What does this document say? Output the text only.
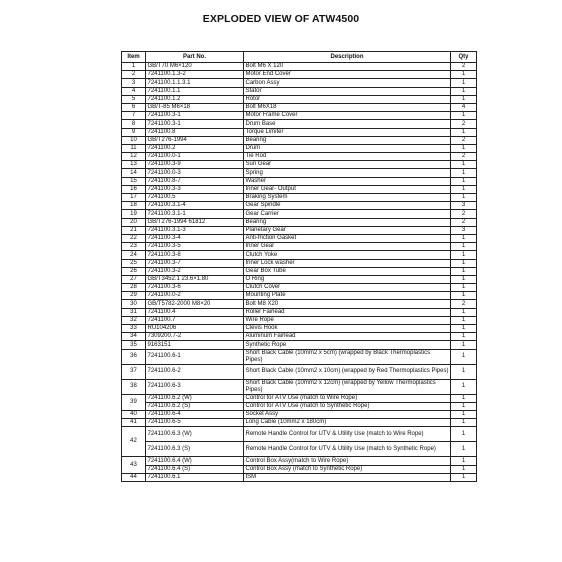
EXPLODED VIEW OF ATW4500
Item	Part No.	Description	Qty
1	GB/T70 M6×120	Bolt M6 X 120	2
2	7241100.1.3-2	Motor End Cover	1
3	7241100.1.1.3.1	Carbon Assy	1
4	7241100.1.1	Stator	1
5	7241100.1.2	Rotor	1
6	GB/T-85 M6×18	Bolt M6X18	4
7	7241100.3-1	Motor Frame Cover	1
8	7241100.3-1	Drum Base	2
9	7241100.8	Torque Limiter	1
10	GB/T276-1994	Bearing	2
11	7241100.2	Drum	1
12	7241100.0-1	Tie Rod	2
13	7241100.3-9	Sun Gear	1
14	7241100.0-3	Spring	1
15	7241100.8-7	Washer	1
16	7241100.3-3	Inner Gear- Output	1
17	7241100.5	Braking System	1
18	7241100.3.1-4	Gear Spindle	3
19	7241100.3.1-1	Gear Carrier	2
20	GB/T276-1994 61812	Bearing	2
21	7241100.3.1-3	Planetary Gear	3
22	7241100.3-4	Anti-friction Gasket	1
23	7241100.3-5	Inner Gear	1
24	7241100.3-8	Clutch Yoke	1
25	7241100.3-7	Inner Lock washer	1
26	7241100.3-2	Gear Box Tube	1
27	GB/T3452.1 23.6×1.80	O Ring	1
28	7241100.3-6	Clutch Cover	1
29	7241100.0-2	Mounting Plate	1
30	GB/T5782-2000 M8×20	Bolt M8 X20	2
31	7241100.4	Roller Fairlead	1
32	7241100.7	Wire Rope	1
33	RU104206	Clevis Hook	1
34	7309200.7-2	Aluminum Fairlead	1
35	9163151	Synthetic Rope	1
36	7241100.6-1	Short Black Cable (10mm2 x 5cm) (wrapped by Black Thermoplastics Pipes)	1
37	7241100.6-2	Short Black Cable (10mm2 x 10cm) (wrapped by Red Thermoplastics Pipes)	1
38	7241100.6-3	Short Black Cable (10mm2 x 12cm) (wrapped by Yellow Thermoplastics Pipes)	1
39	7241100.6.2 (W)	Control for ATV Use (match to Wire Rope)	1
	7241100.6.2 (S)	Control for ATV Use (match to Synthetic Rope)	1
40	7241100.6-4	Socket Assy	1
41	7241100.6-5	Long Cable (10mm2 x 180cm)	1
42	7241100.6.3 (W)	Remote Handle Control for UTV & Utility Use (match to Wire Rope)	1
	7241100.6.3 (S)	Remote Handle Control for UTV & Utility Use (match to Synthetic Rope)	1
43	7241100.6.4 (W)	Control Box Assy(match to Wire Rope)	1
	7241100.6.4 (S)	Control Box Assy (match to Synthetic Rope)	1
44	7241100.6.1	ISM	1
